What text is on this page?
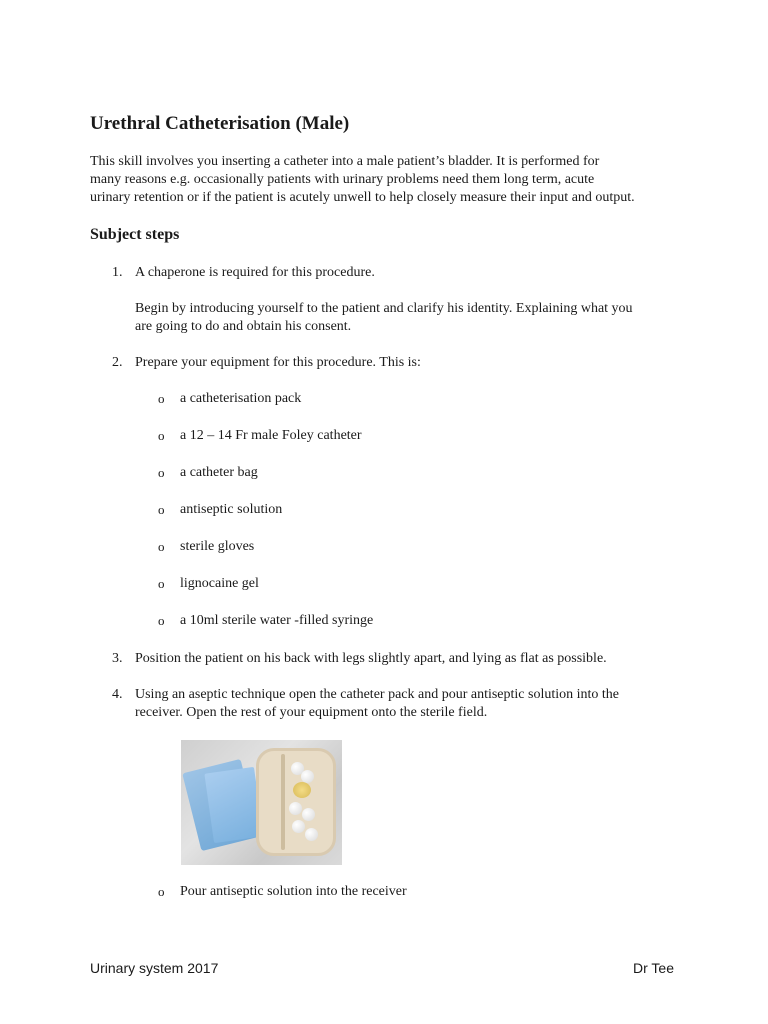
Urethral Catheterisation (Male)

This skill involves you inserting a catheter into a male patient’s bladder. It is performed for
many reasons e.g. occasionally patients with urinary problems need them long term, acute
urinary retention or if the patient is acutely unwell to help closely measure their input and output.

Subject steps
1. A chaperone is required for this procedure.
Begin by introducing yourself to the patient and clarify his identity. Explaining what you
are going to do and obtain his consent.
2. Prepare your equipment for this procedure. This is:
o a catheterisation pack
o a 12 – 14 Fr male Foley catheter
o a catheter bag
o antiseptic solution
o sterile gloves
o lignocaine gel
o a 10ml sterile water -filled syringe
3. Position the patient on his back with legs slightly apart, and lying as flat as possible.
4. Using an aseptic technique open the catheter pack and pour antiseptic solution into the
receiver. Open the rest of your equipment onto the sterile field.
o Pour antiseptic solution into the receiver
Urinary system 2017	Dr Tee
